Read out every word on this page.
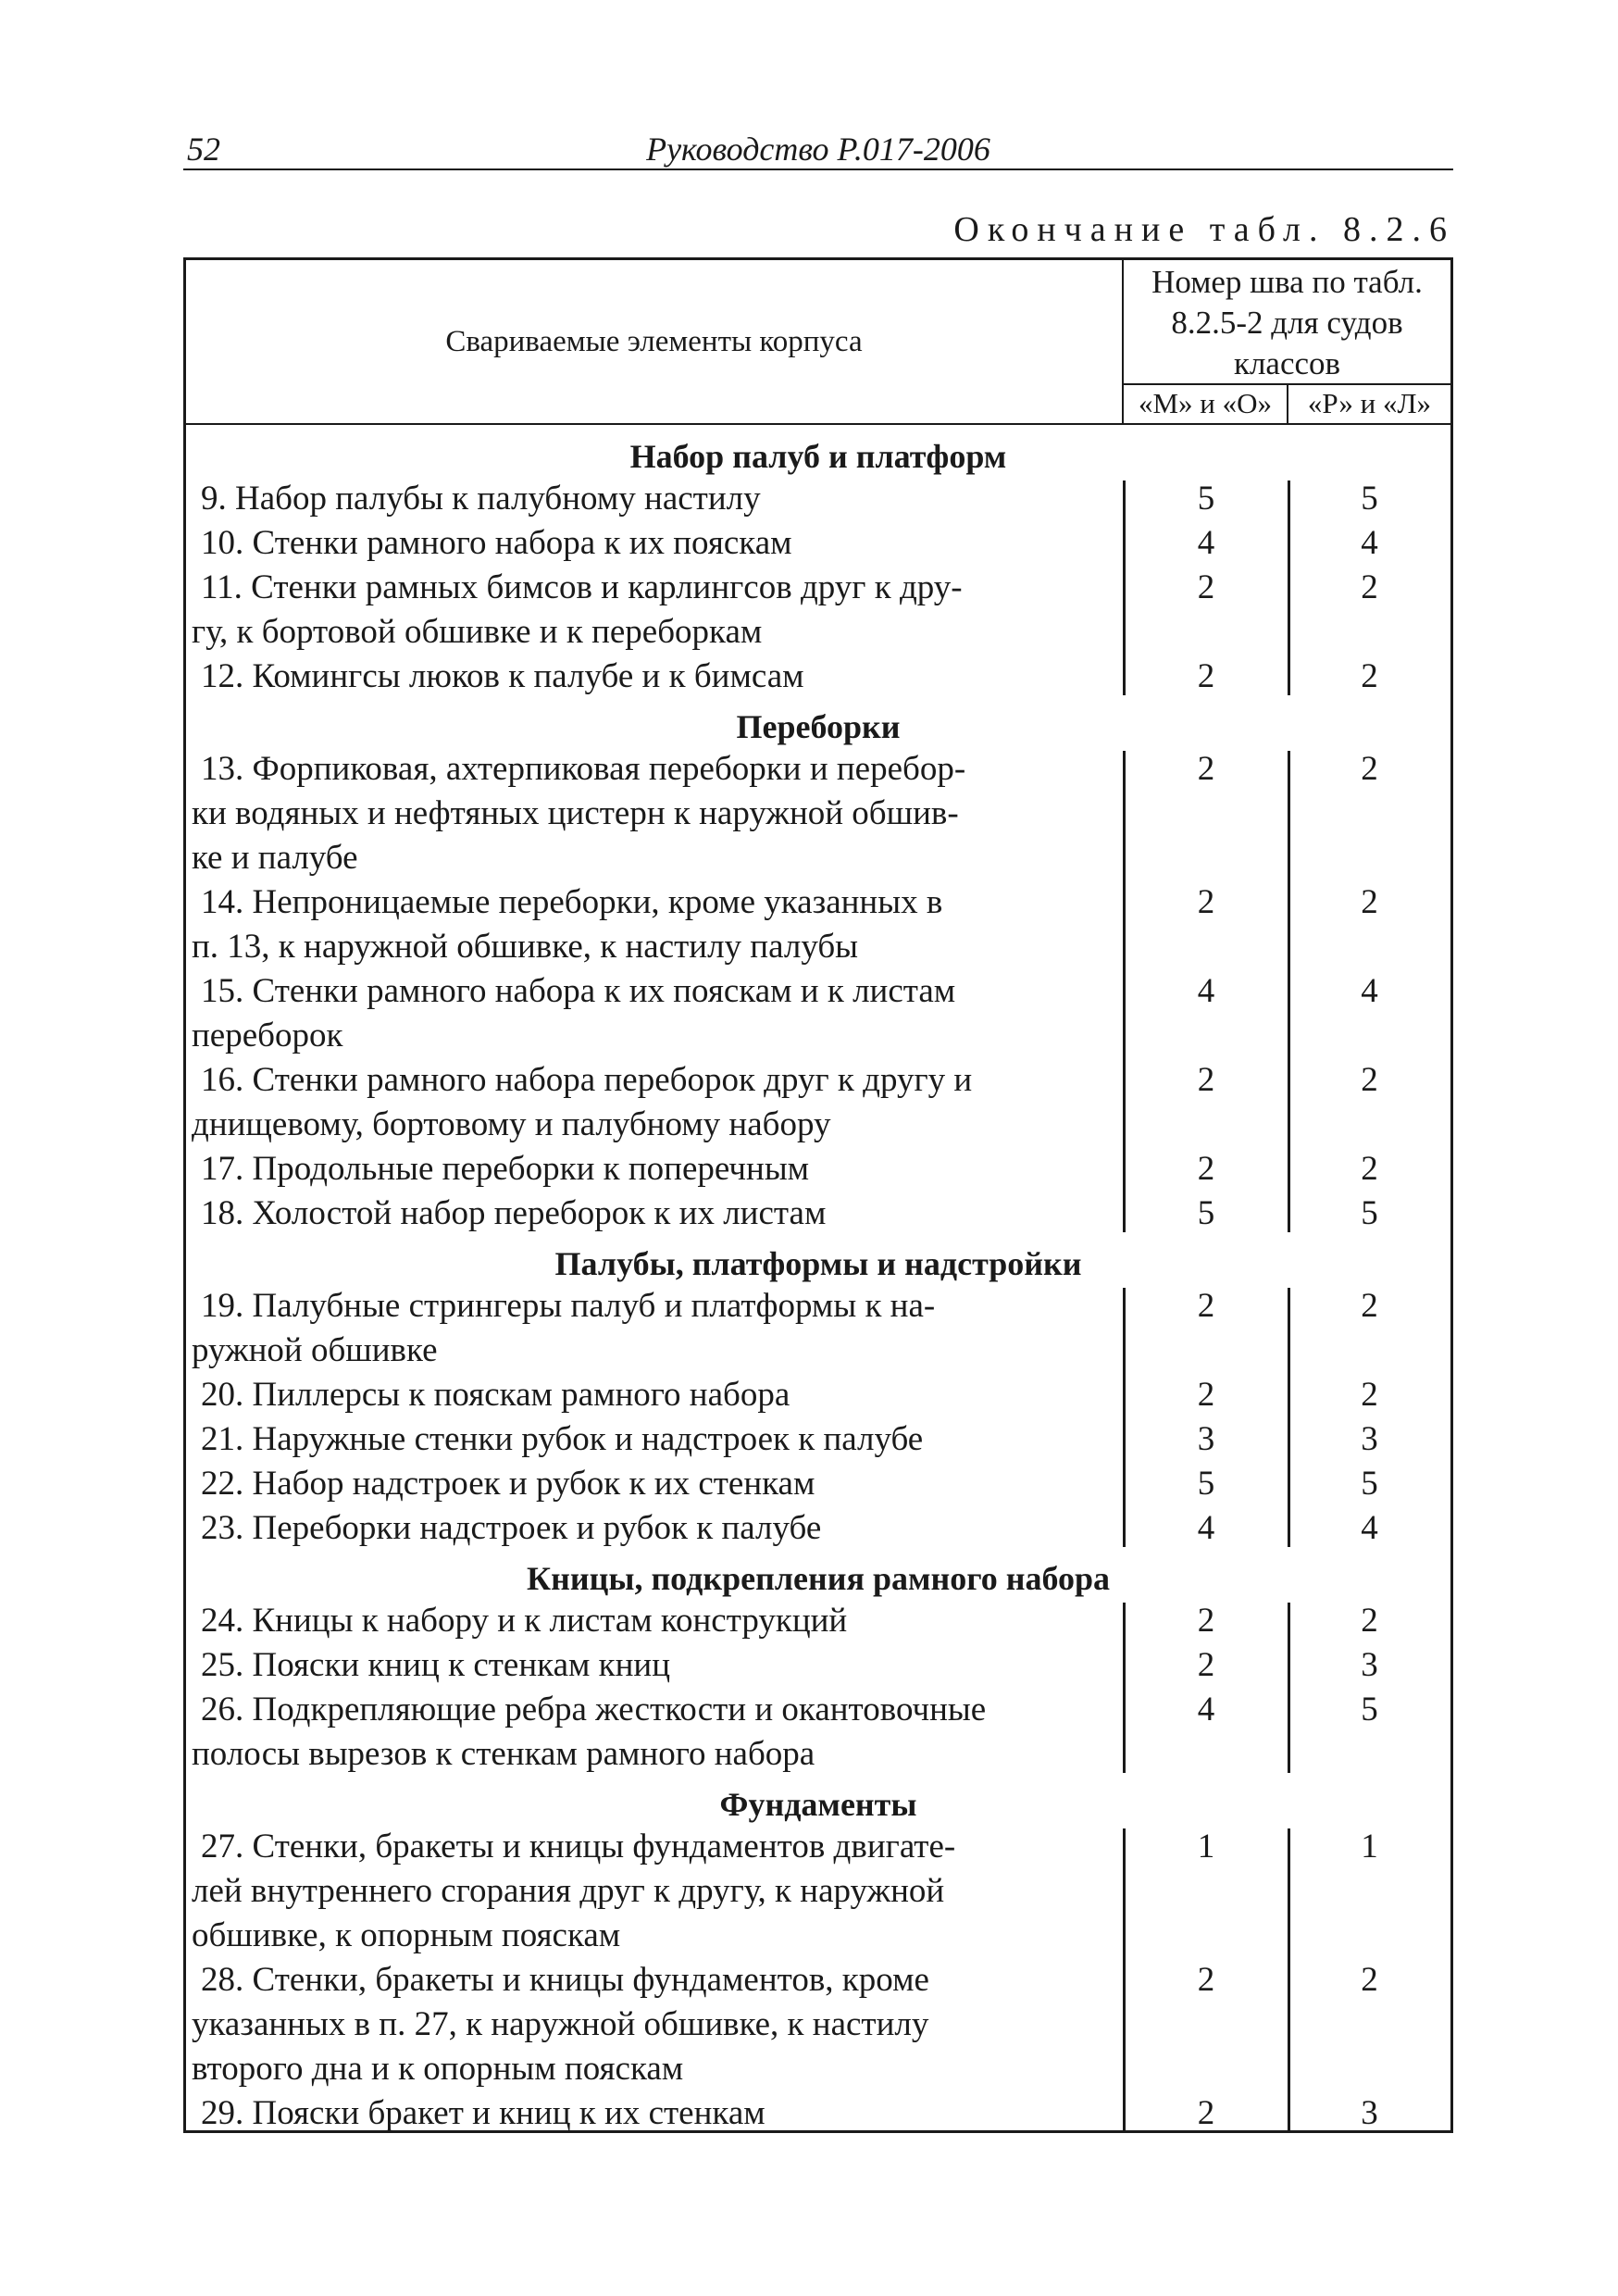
52	Руководство Р.017-2006
Окончание табл. 8.2.6
Свариваемые элементы корпуса
Номер шва по табл. 8.2.5-2 для судов классов
«М» и «О»	«Р» и «Л»
Набор палуб и платформ
9. Набор палубы к палубному настилу	5	5
10. Стенки рамного набора к их пояскам	4	4
11. Стенки рамных бимсов и карлингсов друг к дру-
гу, к бортовой обшивке и к переборкам
2	2
12. Комингсы люков к палубе и к бимсам	2	2
Переборки
13. Форпиковая, ахтерпиковая переборки и перебор-
ки водяных и нефтяных цистерн к наружной обшив-
ке и палубе
2	2
14. Непроницаемые переборки, кроме указанных в
п. 13, к наружной обшивке, к настилу палубы
2	2
15. Стенки рамного набора к их пояскам и к листам
переборок
4	4
16. Стенки рамного набора переборок друг к другу и
днищевому, бортовому и палубному набору
2	2
17. Продольные переборки к поперечным	2	2
18. Холостой набор переборок к их листам	5	5
Палубы, платформы и надстройки
19. Палубные стрингеры палуб и платформы к на-
ружной обшивке
2	2
20. Пиллерсы к пояскам рамного набора	2	2
21. Наружные стенки рубок и надстроек к палубе	3	3
22. Набор надстроек и рубок к их стенкам	5	5
23. Переборки надстроек и рубок к палубе	4	4
Кницы, подкрепления рамного набора
24. Кницы к набору и к листам конструкций	2	2
25. Пояски книц к стенкам книц	2	3
26. Подкрепляющие ребра жесткости и окантовочные
полосы вырезов к стенкам рамного набора
4	5
Фундаменты
27. Стенки, бракеты и кницы фундаментов двигате-
лей внутреннего сгорания друг к другу, к наружной
обшивке, к опорным пояскам
1	1
28. Стенки, бракеты и кницы фундаментов, кроме
указанных в п. 27, к наружной обшивке, к настилу
второго дна и к опорным пояскам
2	2
29. Пояски бракет и книц к их стенкам	2	3
